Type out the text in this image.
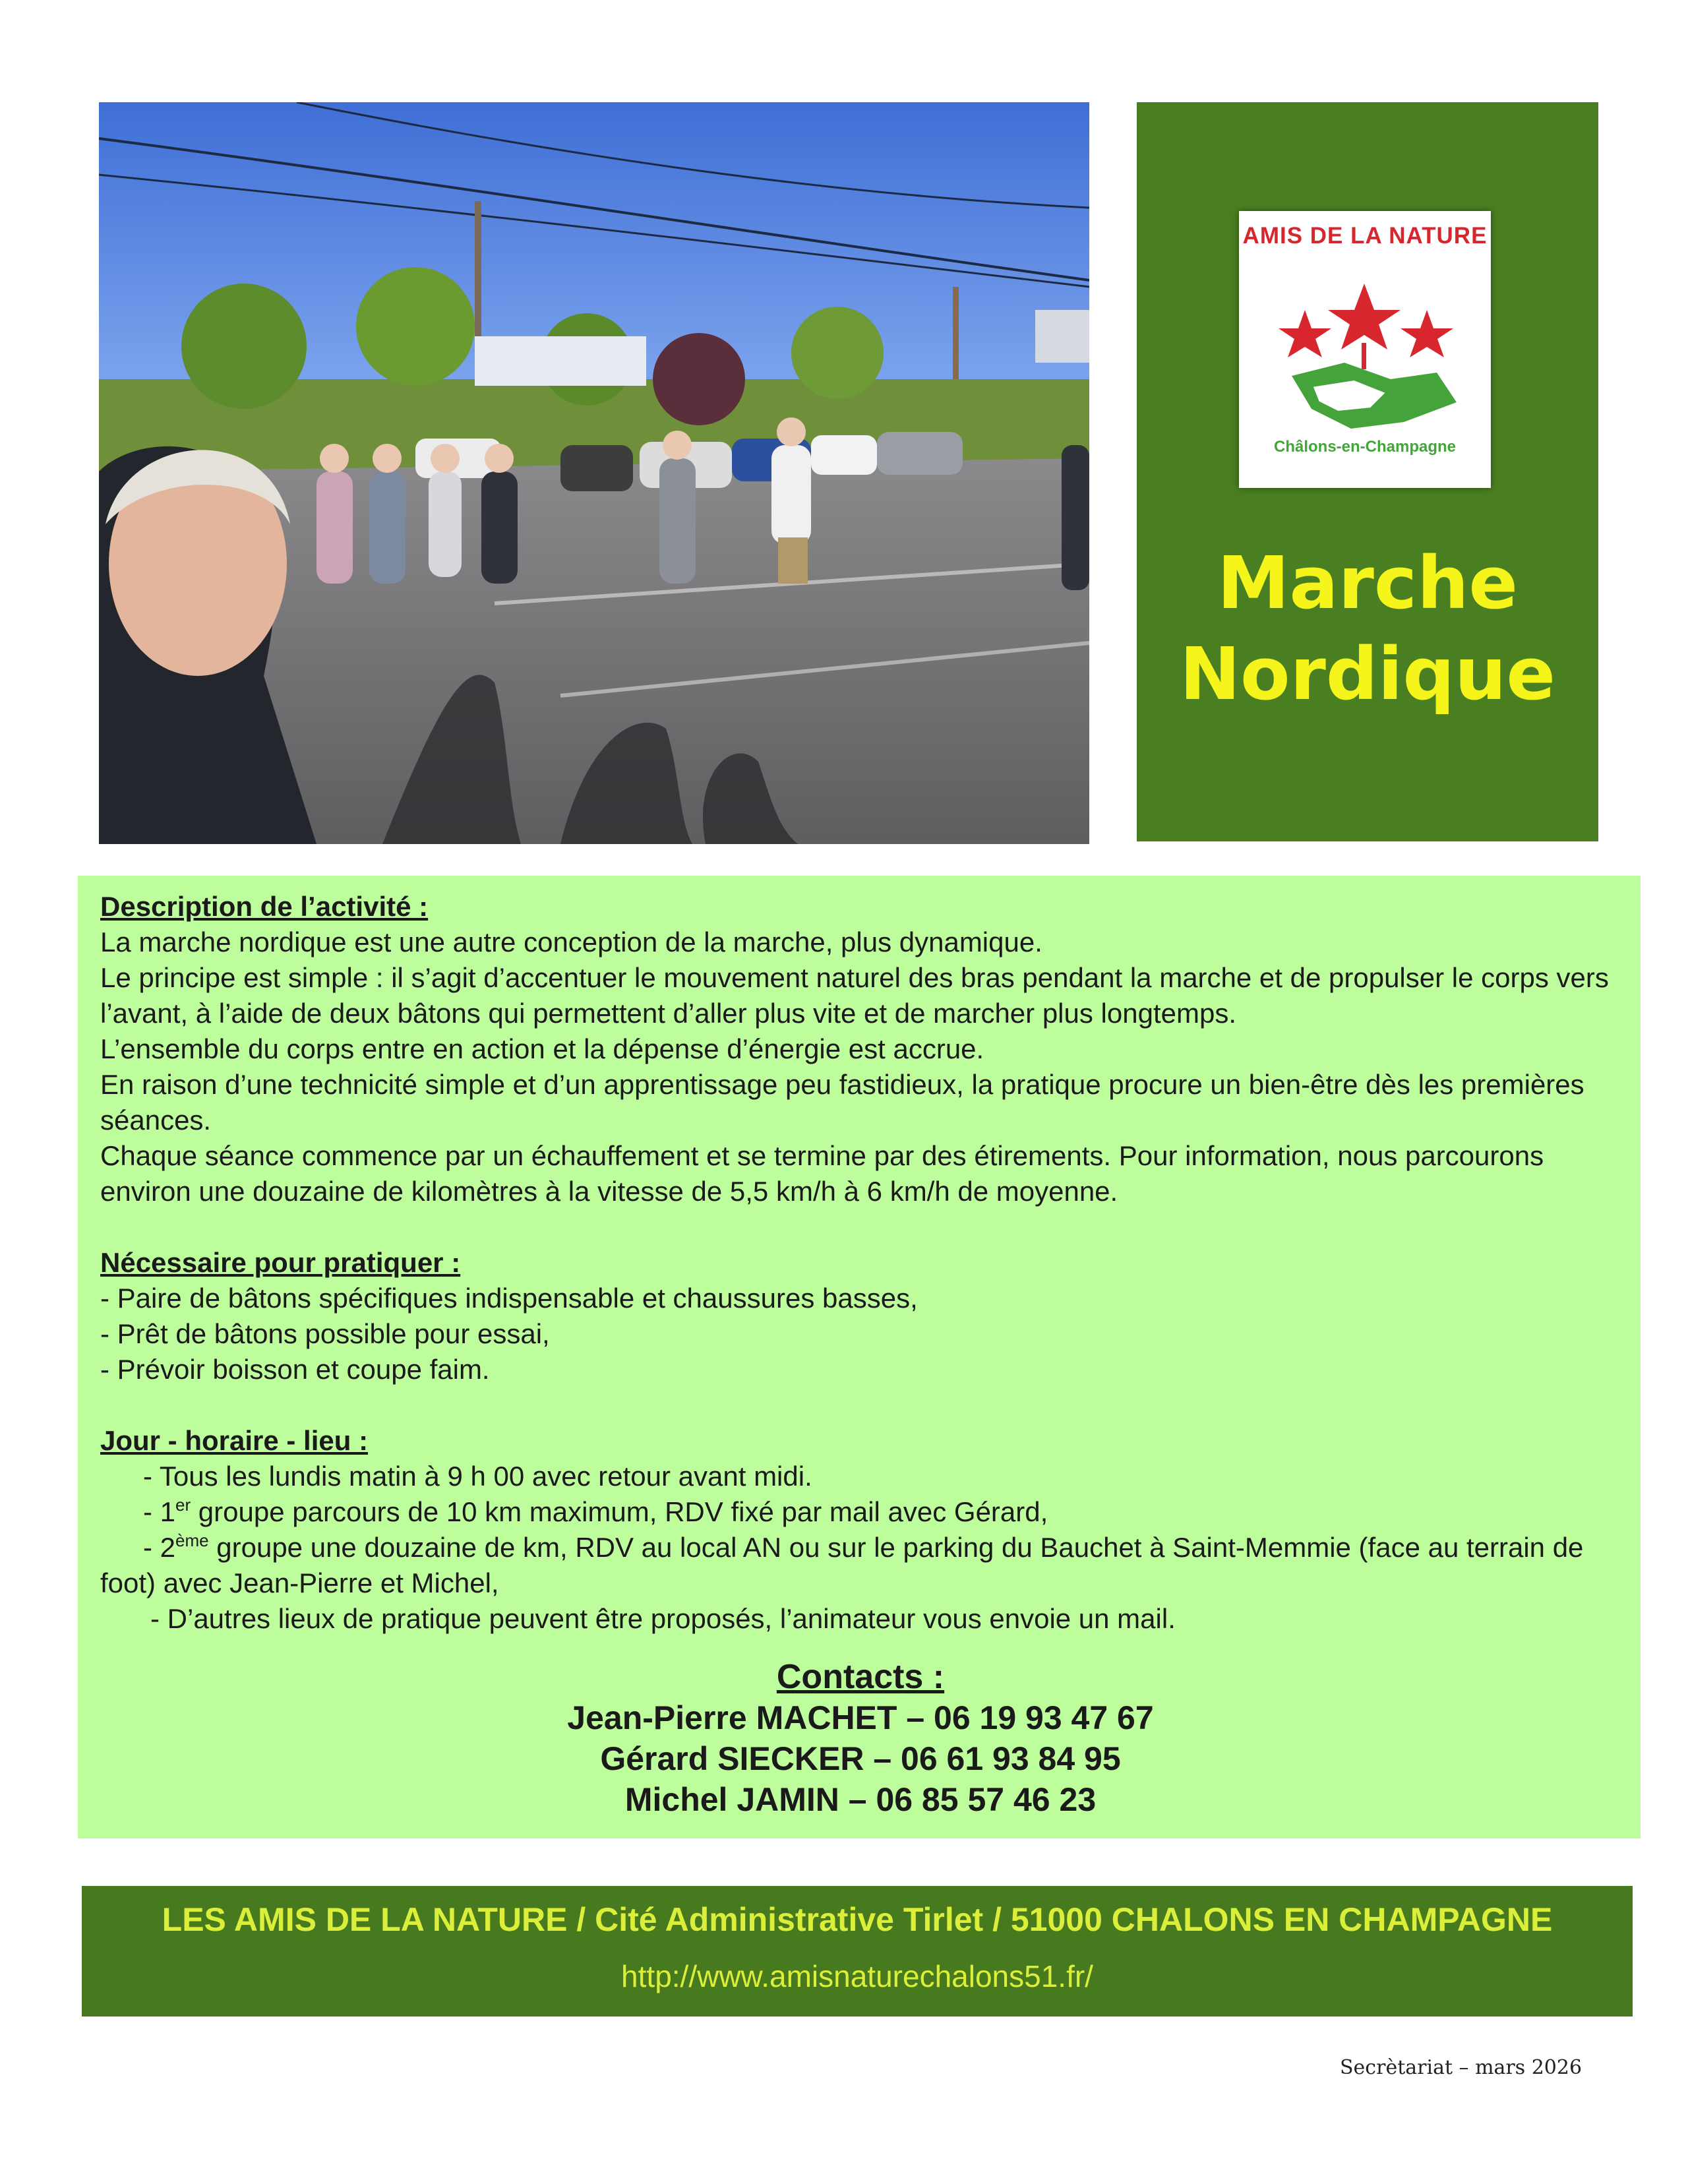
AMIS DE LA NATURE
Châlons-en-Champagne
Marche
Nordique

Description de l’activité :

La marche nordique est une autre conception de la marche, plus dynamique.

Le principe est simple : il s’agit d’accentuer le mouvement naturel des bras pendant la marche et de propulser le corps vers l’avant, à l’aide de deux bâtons qui permettent d’aller plus vite et de marcher plus longtemps.

L’ensemble du corps entre en action et la dépense d’énergie est accrue.

En raison d’une technicité simple et d’un apprentissage peu fastidieux, la pratique procure un bien-être dès les premières séances.

Chaque séance commence par un échauffement et se termine par des étirements. Pour information, nous parcourons environ une douzaine de kilomètres à la vitesse de 5,5 km/h à 6 km/h de moyenne.

Nécessaire pour pratiquer :

- Paire de bâtons spécifiques indispensable et chaussures basses,

- Prêt de bâtons possible pour essai,

- Prévoir boisson et coupe faim.

Jour - horaire - lieu :

- Tous les lundis matin à 9 h 00 avec retour avant midi.

- 1er groupe parcours de 10 km maximum, RDV fixé par mail avec Gérard,

- 2ème groupe une douzaine de km, RDV au local AN ou sur le parking du Bauchet à Saint-Memmie (face au terrain de foot) avec Jean-Pierre et Michel,

- D’autres lieux de pratique peuvent être proposés, l’animateur vous envoie un mail.

Contacts :
Jean-Pierre MACHET – 06 19 93 47 67
Gérard SIECKER – 06 61 93 84 95
Michel JAMIN – 06 85 57 46 23
LES AMIS DE LA NATURE / Cité Administrative Tirlet / 51000 CHALONS EN CHAMPAGNE
http://www.amisnaturechalons51.fr/
Secrètariat – mars 2026
